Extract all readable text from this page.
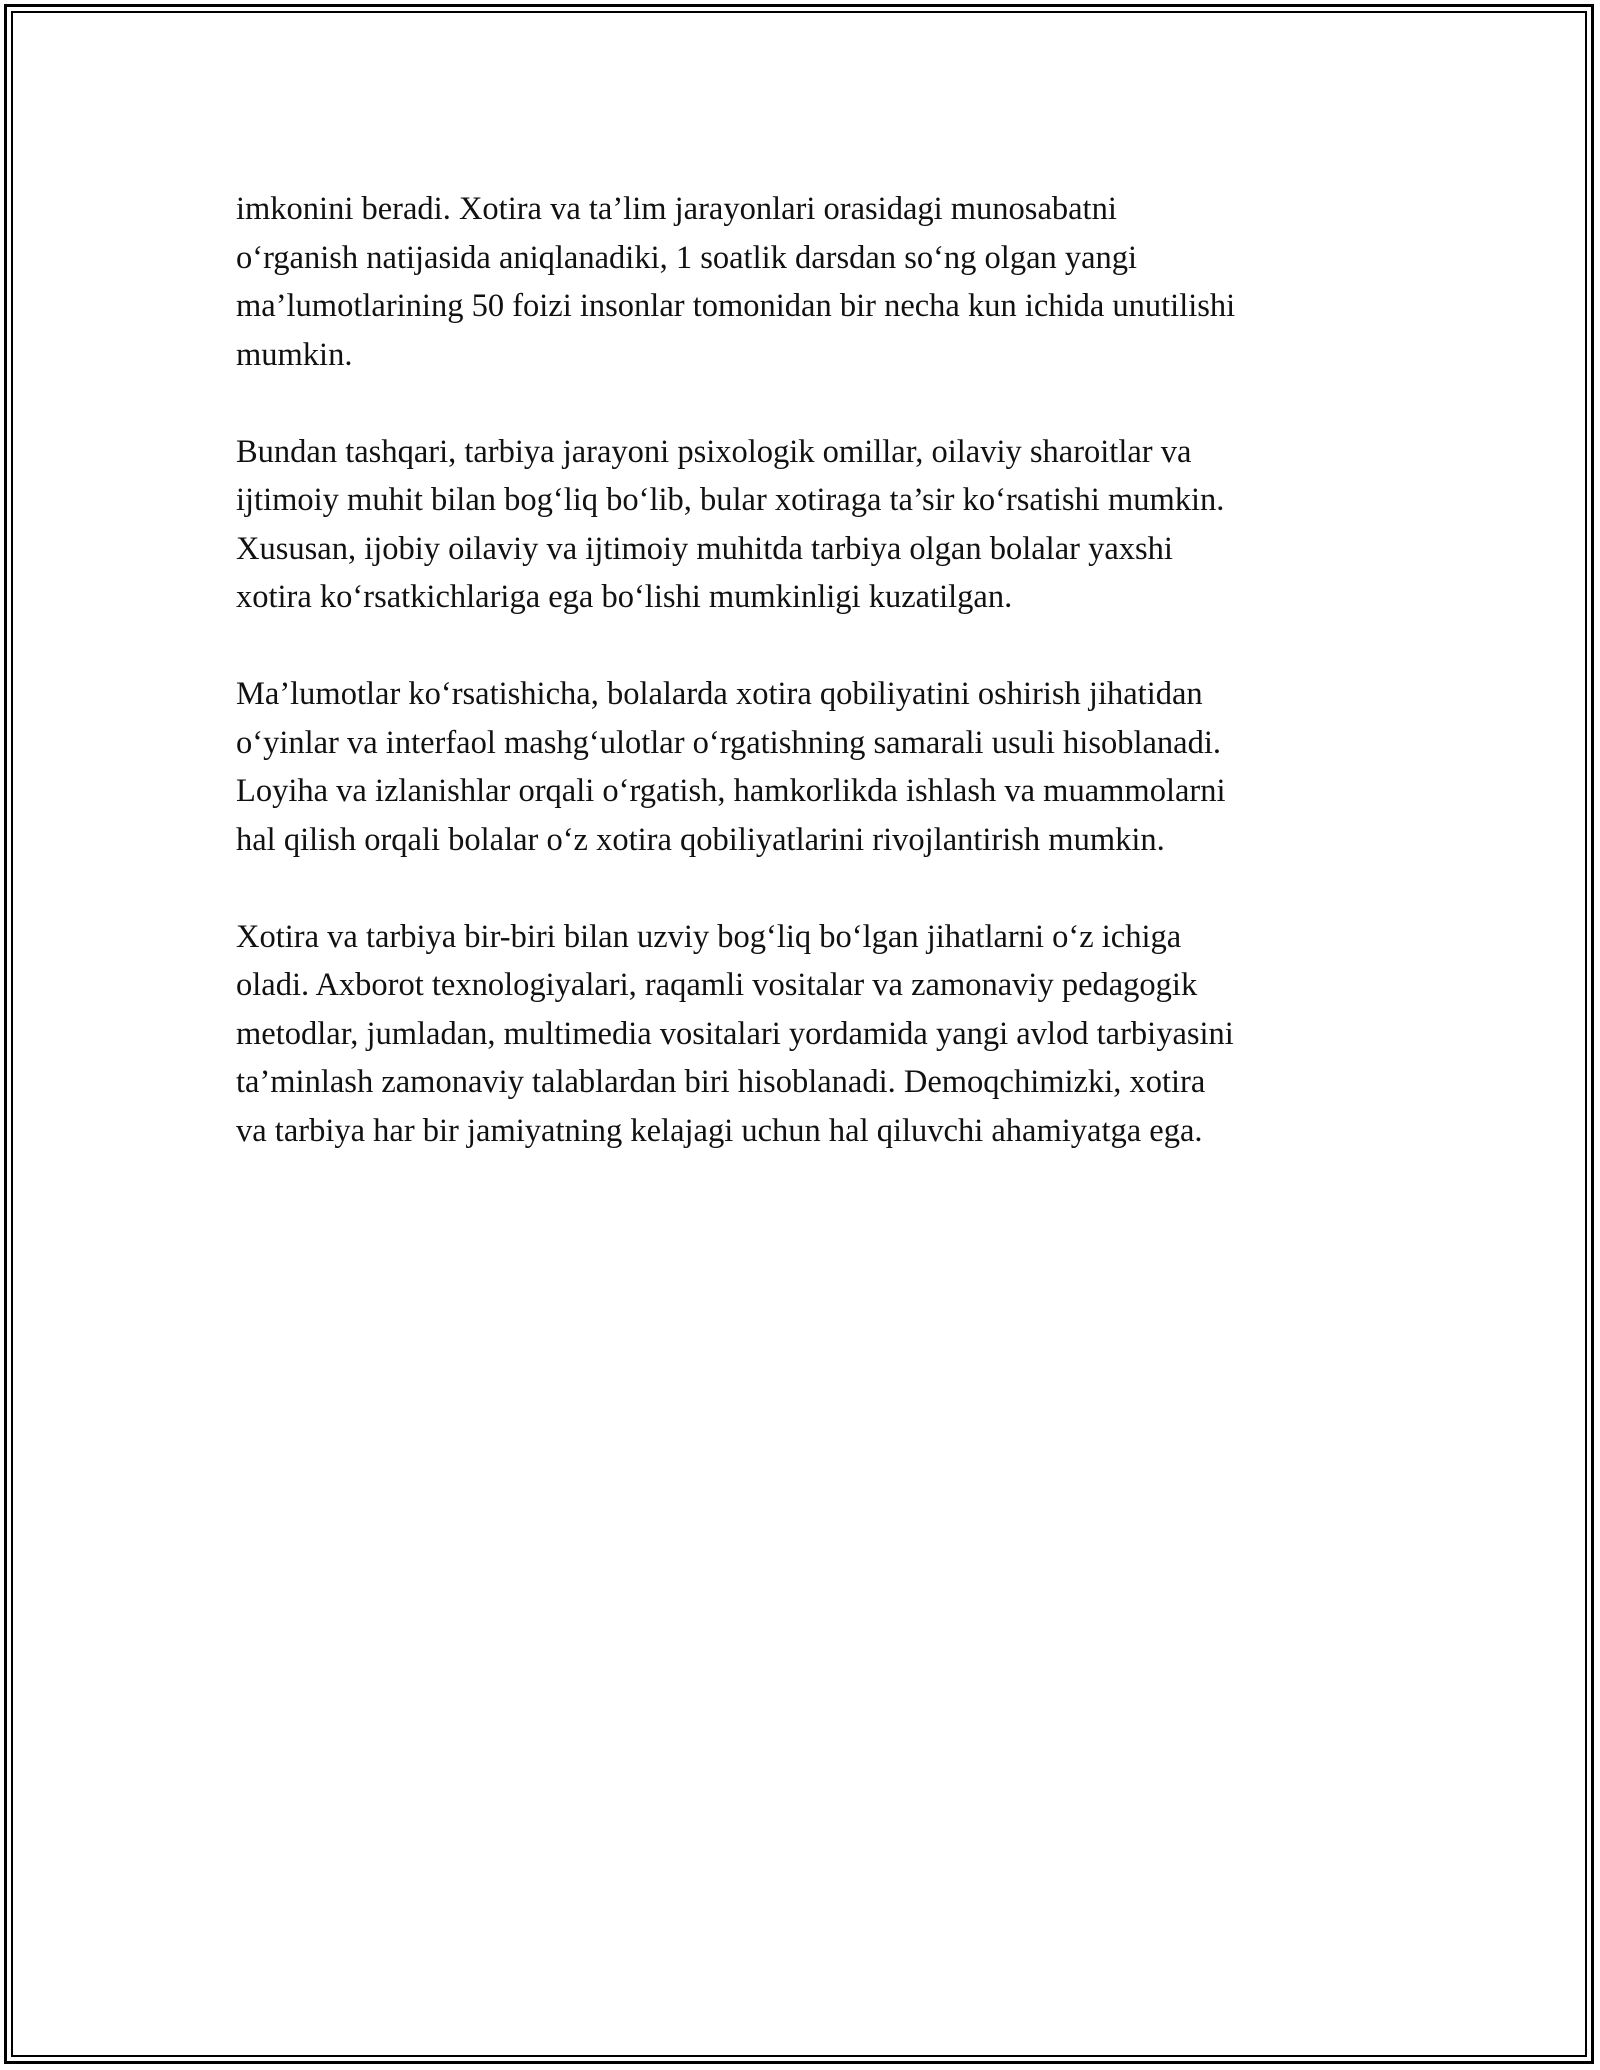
imkonini beradi. Xotira va ta’lim jarayonlari orasidagi munosabatni
o‘rganish natijasida aniqlanadiki, 1 soatlik darsdan so‘ng olgan yangi
ma’lumotlarining 50 foizi insonlar tomonidan bir necha kun ichida unutilishi
mumkin.

Bundan tashqari, tarbiya jarayoni psixologik omillar, oilaviy sharoitlar va
ijtimoiy muhit bilan bog‘liq bo‘lib, bular xotiraga ta’sir ko‘rsatishi mumkin.
Xususan, ijobiy oilaviy va ijtimoiy muhitda tarbiya olgan bolalar yaxshi
xotira ko‘rsatkichlariga ega bo‘lishi mumkinligi kuzatilgan.

Ma’lumotlar ko‘rsatishicha, bolalarda xotira qobiliyatini oshirish jihatidan
o‘yinlar va interfaol mashg‘ulotlar o‘rgatishning samarali usuli hisoblanadi.
Loyiha va izlanishlar orqali o‘rgatish, hamkorlikda ishlash va muammolarni
hal qilish orqali bolalar o‘z xotira qobiliyatlarini rivojlantirish mumkin.

Xotira va tarbiya bir-biri bilan uzviy bog‘liq bo‘lgan jihatlarni o‘z ichiga
oladi. Axborot texnologiyalari, raqamli vositalar va zamonaviy pedagogik
metodlar, jumladan, multimedia vositalari yordamida yangi avlod tarbiyasini
ta’minlash zamonaviy talablardan biri hisoblanadi. Demoqchimizki, xotira
va tarbiya har bir jamiyatning kelajagi uchun hal qiluvchi ahamiyatga ega.
